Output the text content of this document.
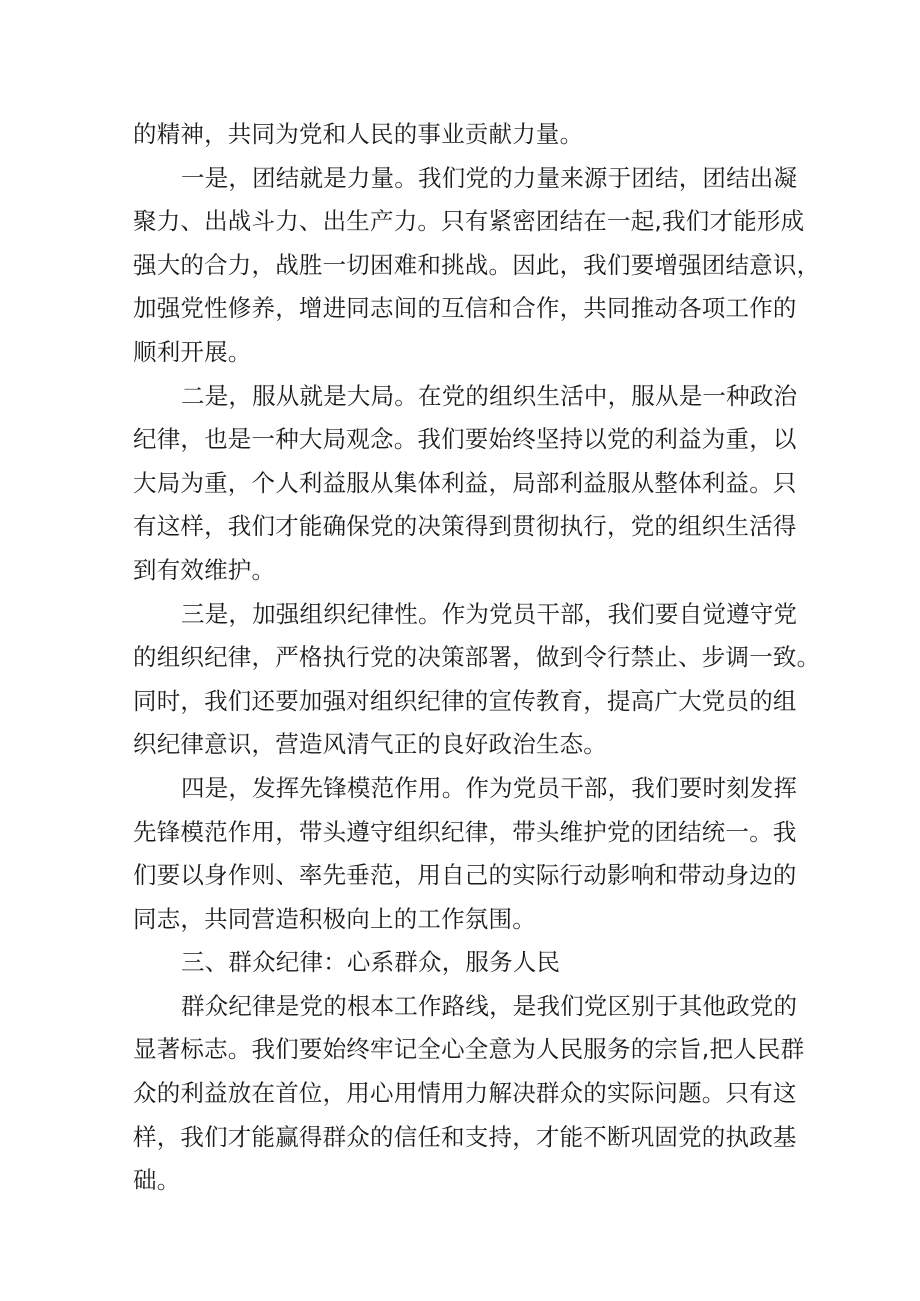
的精神，共同为党和人民的事业贡献力量。
一是，团结就是力量。我们党的力量来源于团结，团结出凝
聚力、出战斗力、出生产力。只有紧密团结在一起,我们才能形成
强大的合力，战胜一切困难和挑战。因此，我们要增强团结意识，
加强党性修养，增进同志间的互信和合作，共同推动各项工作的
顺利开展。
二是，服从就是大局。在党的组织生活中，服从是一种政治
纪律，也是一种大局观念。我们要始终坚持以党的利益为重，以
大局为重，个人利益服从集体利益，局部利益服从整体利益。只
有这样，我们才能确保党的决策得到贯彻执行，党的组织生活得
到有效维护。
三是，加强组织纪律性。作为党员干部，我们要自觉遵守党
的组织纪律，严格执行党的决策部署，做到令行禁止、步调一致。
同时，我们还要加强对组织纪律的宣传教育，提高广大党员的组
织纪律意识，营造风清气正的良好政治生态。
四是，发挥先锋模范作用。作为党员干部，我们要时刻发挥
先锋模范作用，带头遵守组织纪律，带头维护党的团结统一。我
们要以身作则、率先垂范，用自己的实际行动影响和带动身边的
同志，共同营造积极向上的工作氛围。
三、群众纪律：心系群众，服务人民
群众纪律是党的根本工作路线，是我们党区别于其他政党的
显著标志。我们要始终牢记全心全意为人民服务的宗旨,把人民群
众的利益放在首位，用心用情用力解决群众的实际问题。只有这
样，我们才能赢得群众的信任和支持，才能不断巩固党的执政基
础。
